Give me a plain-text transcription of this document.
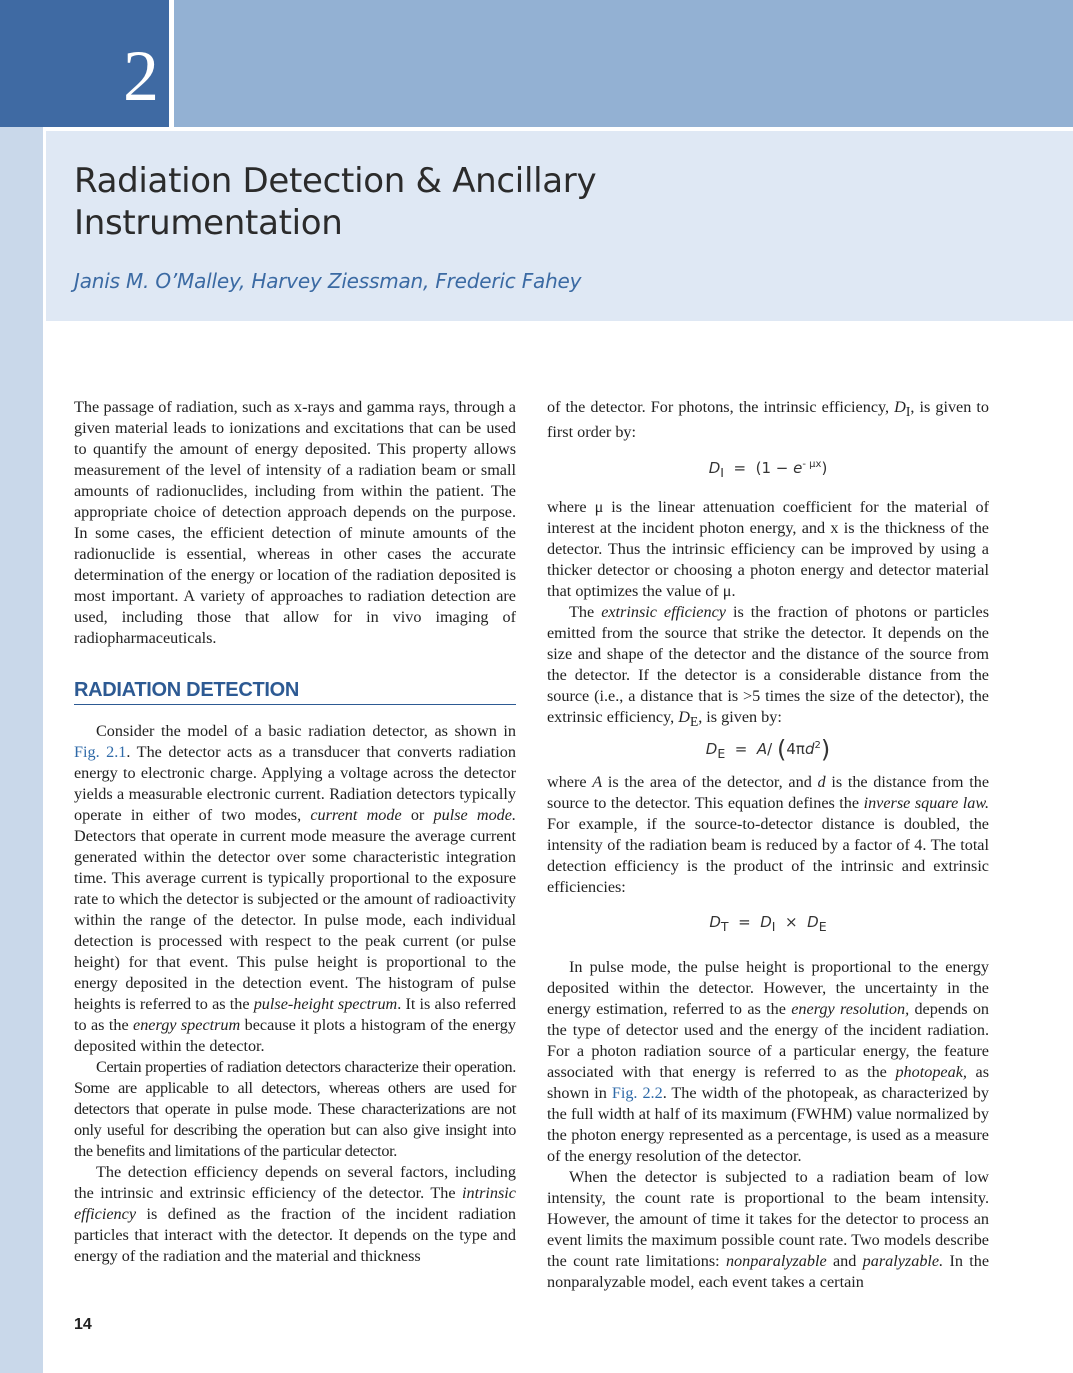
2
Radiation Detection & Ancillary Instrumentation

Janis M. O’Malley, Harvey Ziessman, Frederic Fahey

The passage of radiation, such as x-rays and gamma rays, through a given material leads to ionizations and excitations that can be used to quantify the amount of energy deposited. This property allows measurement of the level of intensity of a radiation beam or small amounts of radionuclides, including from within the patient. The appropriate choice of detection approach depends on the purpose. In some cases, the efficient detection of minute amounts of the radionuclide is essential, whereas in other cases the accurate determination of the energy or location of the radiation deposited is most important. A variety of approaches to radiation detection are used, including those that allow for in vivo imaging of radiopharmaceuticals.

RADIATION DETECTION

Consider the model of a basic radiation detector, as shown in Fig. 2.1. The detector acts as a transducer that converts radiation energy to electronic charge. Applying a voltage across the detector yields a measurable electronic current. Radiation detectors typically operate in either of two modes, current mode or pulse mode. Detectors that operate in current mode measure the average current generated within the detector over some characteristic integration time. This average current is typically proportional to the exposure rate to which the detector is subjected or the amount of radioactivity within the range of the detector. In pulse mode, each individual detection is processed with respect to the peak current (or pulse height) for that event. This pulse height is proportional to the energy deposited in the detection event. The histogram of pulse heights is referred to as the pulse-height spectrum. It is also referred to as the energy spectrum because it plots a histogram of the energy deposited within the detector.

Certain properties of radiation detectors characterize their operation. Some are applicable to all detectors, whereas others are used for detectors that operate in pulse mode. These characterizations are not only useful for describing the operation but can also give insight into the benefits and limitations of the particular detector.

The detection efficiency depends on several factors, including the intrinsic and extrinsic efficiency of the detector. The intrinsic efficiency is defined as the fraction of the incident radiation particles that interact with the detector. It depends on the type and energy of the radiation and the material and thickness

of the detector. For photons, the intrinsic efficiency, $D_I$, is given to first order by:

$D_I = (1 - e^{- \mu x})$

where μ is the linear attenuation coefficient for the material of interest at the incident photon energy, and x is the thickness of the detector. Thus the intrinsic efficiency can be improved by using a thicker detector or choosing a photon energy and detector material that optimizes the value of μ.

The extrinsic efficiency is the fraction of photons or particles emitted from the source that strike the detector. It depends on the size and shape of the detector and the distance of the source from the detector. If the detector is a considerable distance from the source (i.e., a distance that is >5 times the size of the detector), the extrinsic efficiency, $D_E$, is given by:

$D_E = A/$ $(4\pi d^2)$

where A is the area of the detector, and d is the distance from the source to the detector. This equation defines the inverse square law. For example, if the source-to-detector distance is doubled, the intensity of the radiation beam is reduced by a factor of 4. The total detection efficiency is the product of the intrinsic and extrinsic efficiencies:

$D_T = D_I \times D_E$

In pulse mode, the pulse height is proportional to the energy deposited within the detector. However, the uncertainty in the energy estimation, referred to as the energy resolution, depends on the type of detector used and the energy of the incident radiation. For a photon radiation source of a particular energy, the feature associated with that energy is referred to as the photopeak, as shown in Fig. 2.2. The width of the photopeak, as characterized by the full width at half of its maximum (FWHM) value normalized by the photon energy represented as a percentage, is used as a measure of the energy resolution of the detector.

When the detector is subjected to a radiation beam of low intensity, the count rate is proportional to the beam intensity. However, the amount of time it takes for the detector to process an event limits the maximum possible count rate. Two models describe the count rate limitations: nonparalyzable and paralyzable. In the nonparalyzable model, each event takes a certain

14
